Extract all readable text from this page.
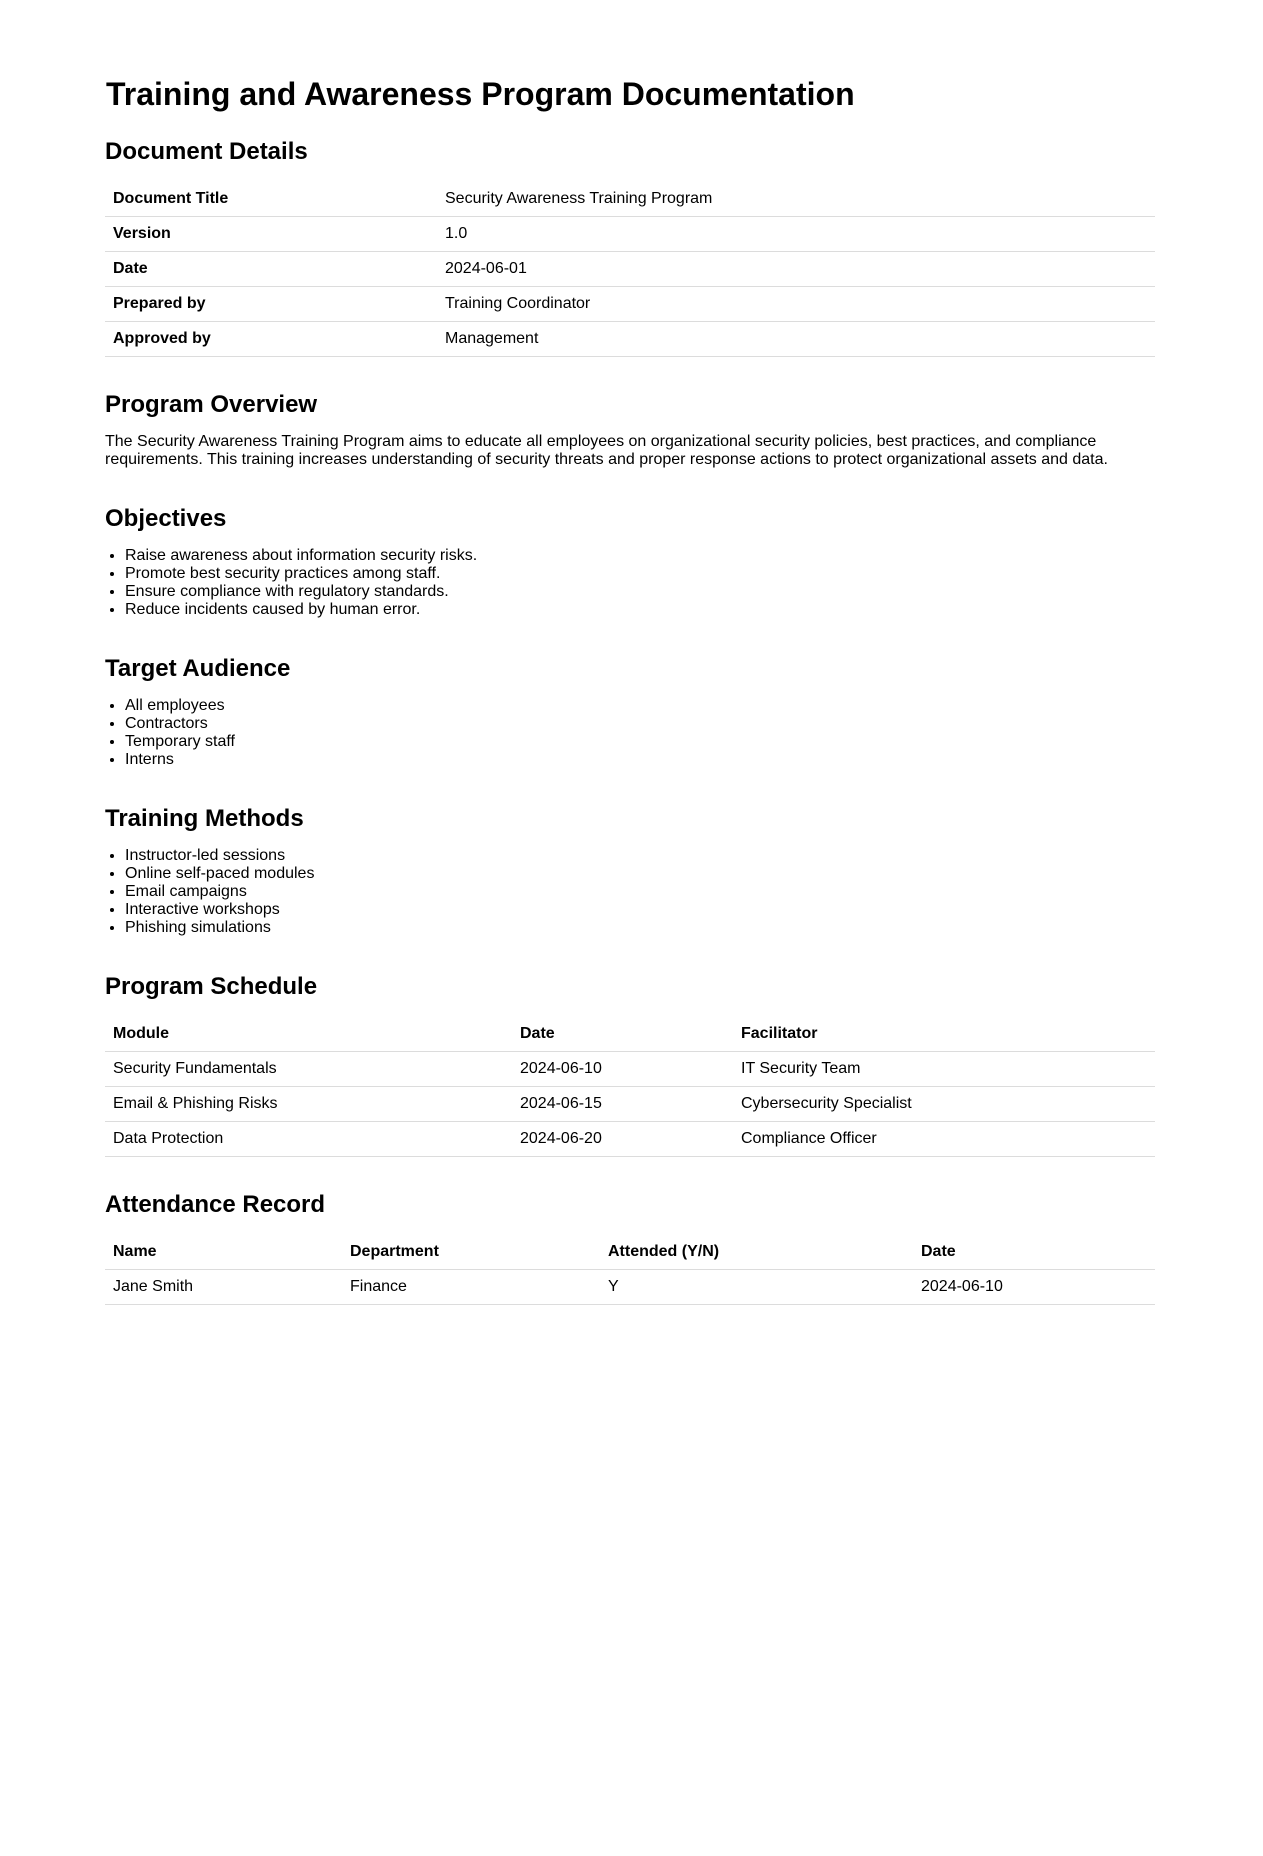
Training and Awareness Program Documentation
Document Details
Document Title	Security Awareness Training Program
Version	1.0
Date	2024-06-01
Prepared by	Training Coordinator
Approved by	Management
Program Overview

The Security Awareness Training Program aims to educate all employees on organizational security policies, best practices, and compliance requirements. This training increases understanding of security threats and proper response actions to protect organizational assets and data.

Objectives
• Raise awareness about information security risks.
• Promote best security practices among staff.
• Ensure compliance with regulatory standards.
• Reduce incidents caused by human error.
Target Audience
• All employees
• Contractors
• Temporary staff
• Interns
Training Methods
• Instructor-led sessions
• Online self-paced modules
• Email campaigns
• Interactive workshops
• Phishing simulations
Program Schedule
Module	Date	Facilitator
Security Fundamentals	2024-06-10	IT Security Team
Email & Phishing Risks	2024-06-15	Cybersecurity Specialist
Data Protection	2024-06-20	Compliance Officer
Attendance Record
Name	Department	Attended (Y/N)	Date
Jane Smith	Finance	Y	2024-06-10
